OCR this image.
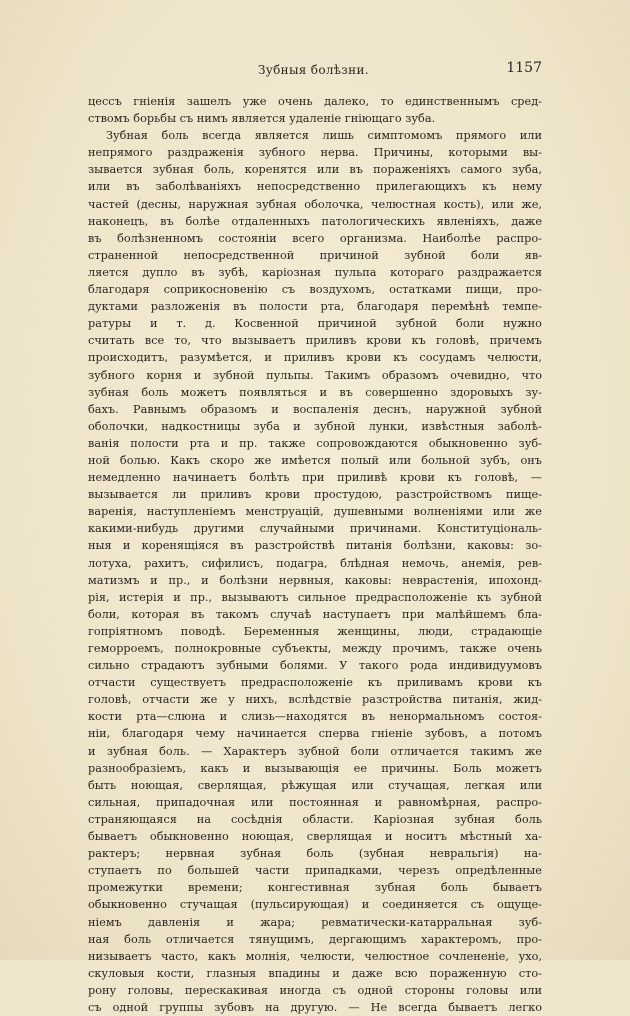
Зубныя болѣзни.	1157
цессъ гніенія зашелъ уже очень далеко, то единственнымъ сред-
ствомъ борьбы съ нимъ является удаленіе гніющаго зуба.
Зубная боль всегда является лишь симптомомъ прямого или
непрямого раздраженія зубного нерва. Причины, которыми вы-
зывается зубная боль, коренятся или въ пораженіяхъ самого зуба,
или въ заболѣваніяхъ непосредственно прилегающихъ къ нему
частей (десны, наружная зубная оболочка, челюстная кость), или же,
наконецъ, въ болѣе отдаленныхъ патологическихъ явленіяхъ, даже
въ болѣзненномъ состояніи всего организма. Наиболѣе распро-
страненной непосредственной причиной зубной боли яв-
ляется дупло въ зубѣ, каріозная пульпа котораго раздражается
благодаря соприкосновенію съ воздухомъ, остатками пищи, про-
дуктами разложенія въ полости рта, благодаря перемѣнѣ темпе-
ратуры и т. д. Косвенной причиной зубной боли нужно
считать все то, что вызываетъ приливъ крови къ головѣ, причемъ
происходитъ, разумѣется, и приливъ крови къ сосудамъ челюсти,
зубного корня и зубной пульпы. Такимъ образомъ очевидно, что
зубная боль можетъ появляться и въ совершенно здоровыхъ зу-
бахъ. Равнымъ образомъ и воспаленія деснъ, наружной зубной
оболочки, надкостницы зуба и зубной лунки, извѣстныя заболѣ-
ванія полости рта и пр. также сопровождаются обыкновенно зуб-
ной болью. Какъ скоро же имѣется полый или больной зубъ, онъ
немедленно начинаетъ болѣть при приливѣ крови къ головѣ, —
вызывается ли приливъ крови простудою, разстройствомъ пище-
варенія, наступленіемъ менструацій, душевными волненіями или же
какими-нибудь другими случайными причинами. Конституціональ-
ныя и коренящіяся въ разстройствѣ питанія болѣзни, каковы: зо-
лотуха, рахитъ, сифилисъ, подагра, блѣдная немочь, анемія, рев-
матизмъ и пр., и болѣзни нервныя, каковы: неврастенія, ипохонд-
рія, истерія и пр., вызываютъ сильное предрасположеніе къ зубной
боли, которая въ такомъ случаѣ наступаетъ при малѣйшемъ бла-
гопріятномъ поводѣ. Беременныя женщины, люди, страдающіе
геморроемъ, полнокровные субъекты, между прочимъ, также очень
сильно страдаютъ зубными болями. У такого рода индивидуумовъ
отчасти существуетъ предрасположеніе къ приливамъ крови къ
головѣ, отчасти же у нихъ, вслѣдствіе разстройства питанія, жид-
кости рта—слюна и слизь—находятся въ ненормальномъ состоя-
ніи, благодаря чему начинается сперва гніеніе зубовъ, а потомъ
и зубная боль. — Характеръ зубной боли отличается такимъ же
разнообразіемъ, какъ и вызывающія ее причины. Боль можетъ
быть ноющая, сверлящая, рѣжущая или стучащая, легкая или
сильная, припадочная или постоянная и равномѣрная, распро-
страняющаяся на сосѣднія области. Каріозная зубная боль
бываетъ обыкновенно ноющая, сверлящая и носитъ мѣстный ха-
рактеръ; нервная зубная боль (зубная невральгія) на-
ступаетъ по большей части припадками, черезъ опредѣленные
промежутки времени; конгестивная зубная боль бываетъ
обыкновенно стучащая (пульсирующая) и соединяется съ ощуще-
ніемъ давленія и жара; ревматически-катарральная зуб-
ная боль отличается тянущимъ, дергающимъ характеромъ, про-
низываетъ часто, какъ молнія, челюсти, челюстное сочлененіе, ухо,
скуловыя кости, глазныя впадины и даже всю пораженную сто-
рону головы, перескакивая иногда съ одной стороны головы или
съ одной группы зубовъ на другую. — Не всегда бываетъ легко
